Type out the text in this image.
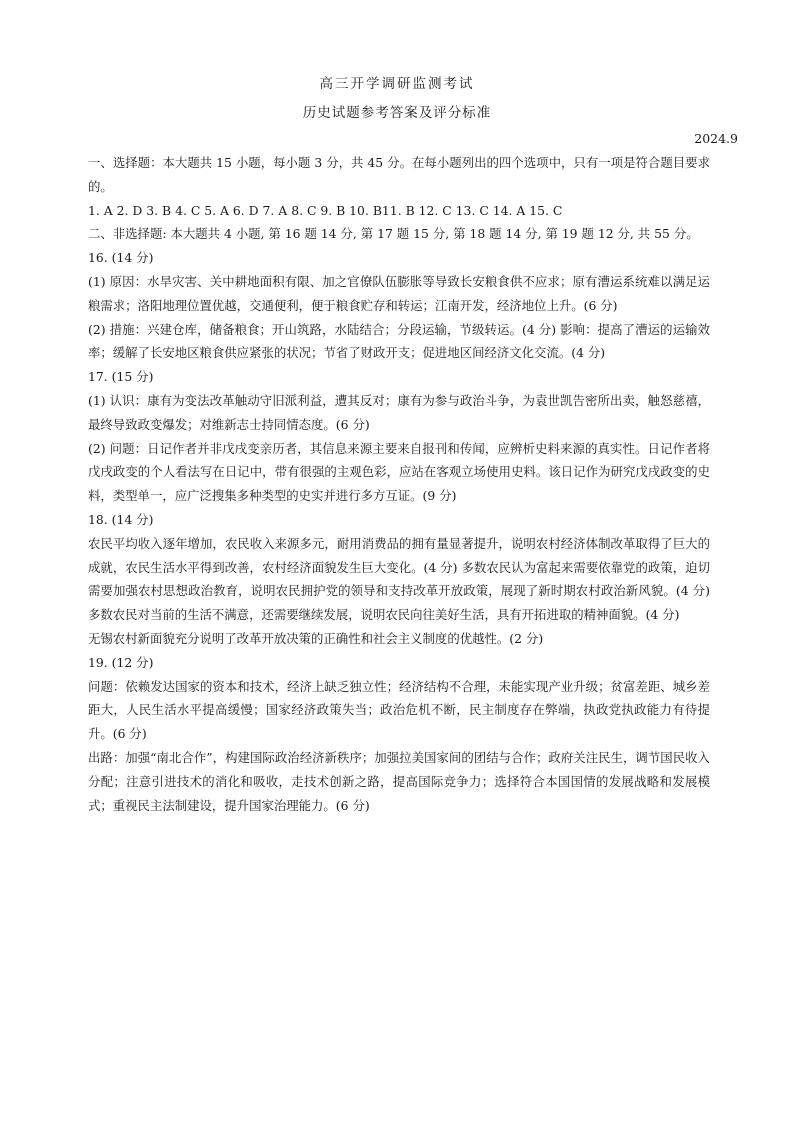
高三开学调研监测考试
历史试题参考答案及评分标准
2024.9

一、选择题：本大题共 15 小题，每小题 3 分，共 45 分。在每小题列出的四个选项中，只有一项是符合题目要求的。

1. A 2. D 3. B 4. C 5. A 6. D 7. A 8. C 9. B 10. B11. B 12. C 13. C 14. A 15. C

二、非选择题: 本大题共 4 小题, 第 16 题 14 分, 第 17 题 15 分, 第 18 题 14 分, 第 19 题 12 分, 共 55 分。

16. (14 分)

(1) 原因：水旱灾害、关中耕地面积有限、加之官僚队伍膨胀等导致长安粮食供不应求；原有漕运系统难以满足运粮需求；洛阳地理位置优越，交通便利，便于粮食贮存和转运；江南开发，经济地位上升。(6 分)

(2) 措施：兴建仓库，储备粮食；开山筑路，水陆结合；分段运输，节级转运。(4 分) 影响：提高了漕运的运输效率；缓解了长安地区粮食供应紧张的状况；节省了财政开支；促进地区间经济文化交流。(4 分)

17. (15 分)

(1) 认识：康有为变法改革触动守旧派利益，遭其反对；康有为参与政治斗争，为袁世凯告密所出卖，触怒慈禧，最终导致政变爆发；对维新志士持同情态度。(6 分)

(2) 问题：日记作者并非戊戌变亲历者，其信息来源主要来自报刊和传闻，应辨析史料来源的真实性。日记作者将戊戌政变的个人看法写在日记中，带有很强的主观色彩，应站在客观立场使用史料。该日记作为研究戊戌政变的史料，类型单一，应广泛搜集多种类型的史实并进行多方互证。(9 分)

18. (14 分)

农民平均收入逐年增加，农民收入来源多元，耐用消费品的拥有量显著提升，说明农村经济体制改革取得了巨大的成就，农民生活水平得到改善，农村经济面貌发生巨大变化。(4 分) 多数农民认为富起来需要依靠党的政策，迫切需要加强农村思想政治教育，说明农民拥护党的领导和支持改革开放政策，展现了新时期农村政治新风貌。(4 分) 多数农民对当前的生活不满意，还需要继续发展，说明农民向往美好生活，具有开拓进取的精神面貌。(4 分)

无锡农村新面貌充分说明了改革开放决策的正确性和社会主义制度的优越性。(2 分)

19. (12 分)

问题：依赖发达国家的资本和技术，经济上缺乏独立性；经济结构不合理，未能实现产业升级；贫富差距、城乡差距大，人民生活水平提高缓慢；国家经济政策失当；政治危机不断，民主制度存在弊端，执政党执政能力有待提升。(6 分)

出路：加强“南北合作”，构建国际政治经济新秩序；加强拉美国家间的团结与合作；政府关注民生，调节国民收入分配；注意引进技术的消化和吸收，走技术创新之路，提高国际竞争力；选择符合本国国情的发展战略和发展模式；重视民主法制建设，提升国家治理能力。(6 分)
